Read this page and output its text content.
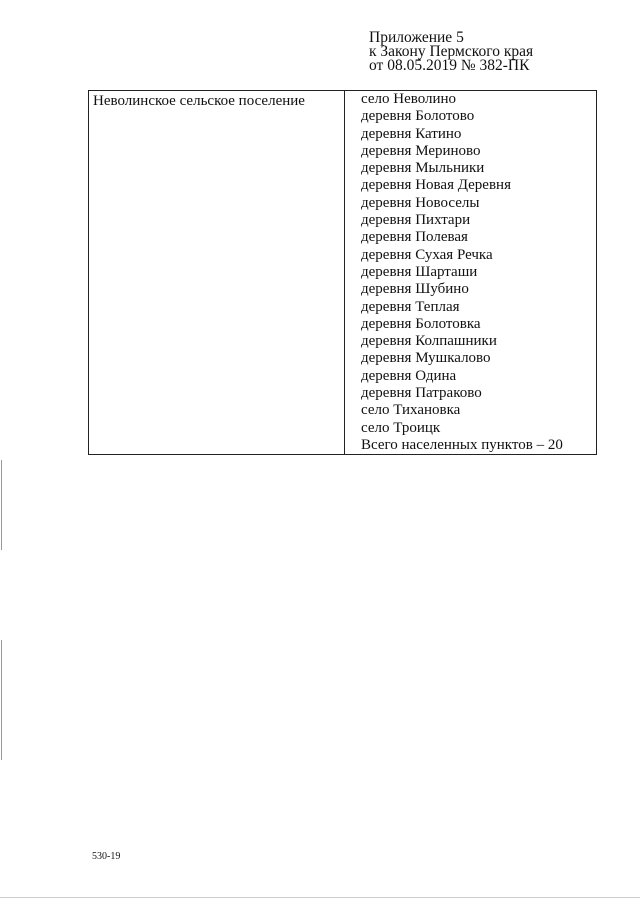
Приложение 5
к Закону Пермского края
от 08.05.2019 № 382-ПК
Неволинское сельское поселение	село Неволино
деревня Болотово
деревня Катино
деревня Мериново
деревня Мыльники
деревня Новая Деревня
деревня Новоселы
деревня Пихтари
деревня Полевая
деревня Сухая Речка
деревня Шарташи
деревня Шубино
деревня Теплая
деревня Болотовка
деревня Колпашники
деревня Мушкалово
деревня Одина
деревня Патраково
село Тихановка
село Троицк
Всего населенных пунктов – 20
530-19
